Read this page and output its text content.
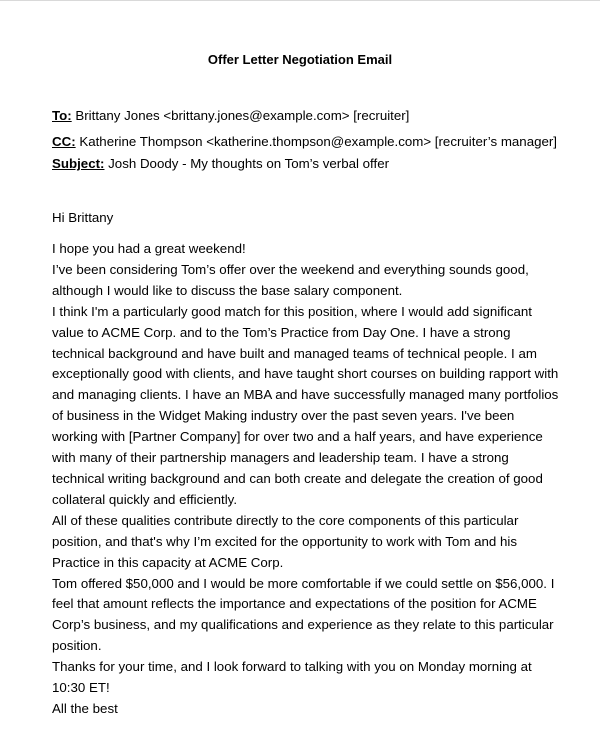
Offer Letter Negotiation Email
To: Brittany Jones <brittany.jones@example.com> [recruiter]
CC: Katherine Thompson <katherine.thompson@example.com> [recruiter’s manager]
Subject: Josh Doody - My thoughts on Tom’s verbal offer
Hi Brittany

I hope you had a great weekend!

I’ve been considering Tom’s offer over the weekend and everything sounds good, although I would like to discuss the base salary component.

I think I'm a particularly good match for this position, where I would add significant value to ACME Corp. and to the Tom’s Practice from Day One. I have a strong technical background and have built and managed teams of technical people. I am exceptionally good with clients, and have taught short courses on building rapport with and managing clients. I have an MBA and have successfully managed many portfolios of business in the Widget Making industry over the past seven years. I've been working with [Partner Company] for over two and a half years, and have experience with many of their partnership managers and leadership team. I have a strong technical writing background and can both create and delegate the creation of good collateral quickly and efficiently.

All of these qualities contribute directly to the core components of this particular position, and that's why I’m excited for the opportunity to work with Tom and his Practice in this capacity at ACME Corp.

Tom offered $50,000 and I would be more comfortable if we could settle on $56,000. I feel that amount reflects the importance and expectations of the position for ACME Corp’s business, and my qualifications and experience as they relate to this particular position.

Thanks for your time, and I look forward to talking with you on Monday morning at 10:30 ET!

All the best
